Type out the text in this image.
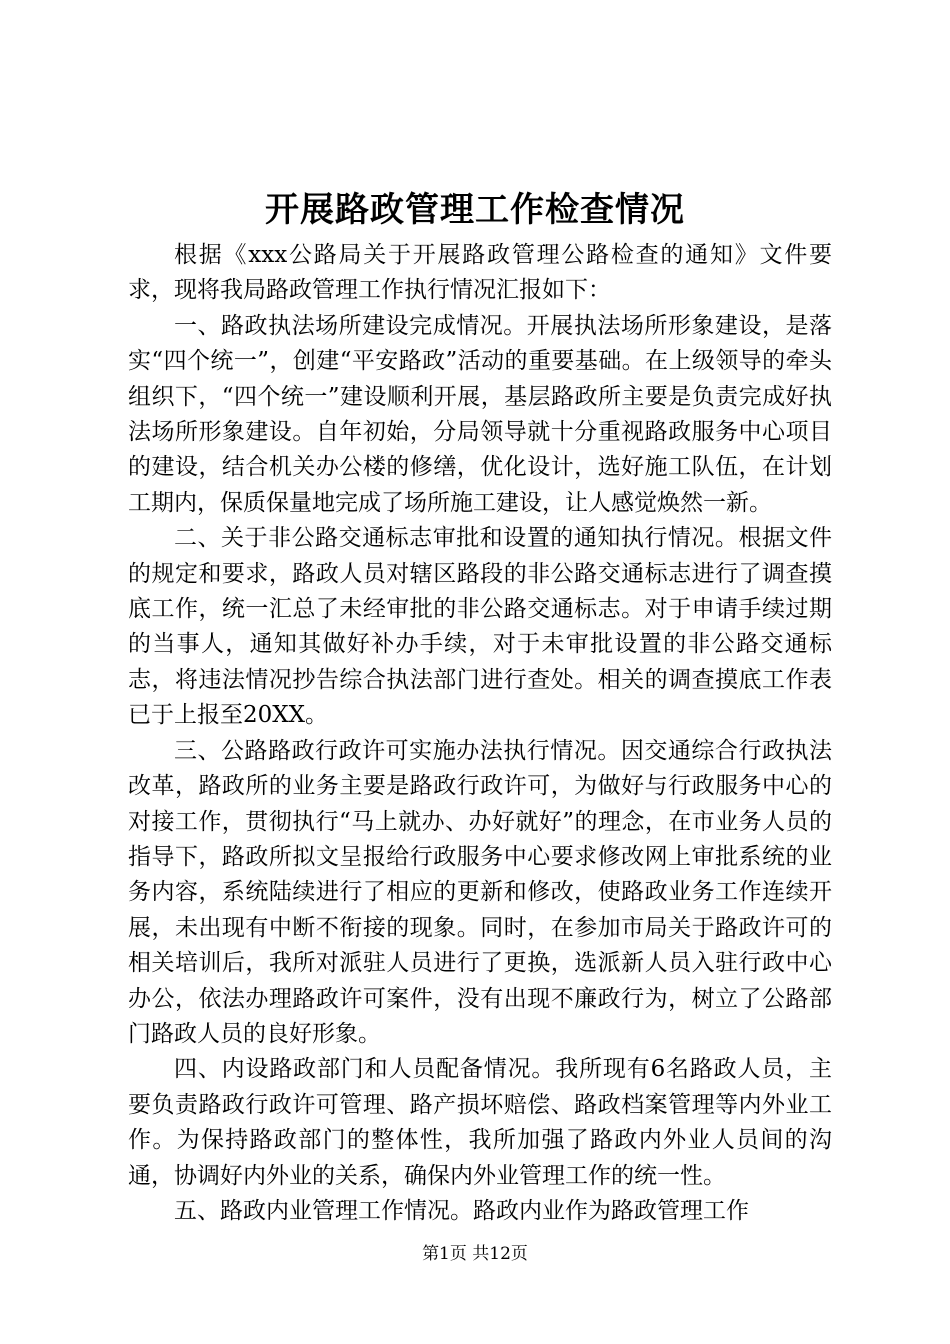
开展路政管理工作检查情况

根据《xxx公路局关于开展路政管理公路检查的通知》文件要求，现将我局路政管理工作执行情况汇报如下：

一、路政执法场所建设完成情况。开展执法场所形象建设，是落实“四个统一”，创建“平安路政”活动的重要基础。在上级领导的牵头组织下，“四个统一”建设顺利开展，基层路政所主要是负责完成好执法场所形象建设。自年初始，分局领导就十分重视路政服务中心项目的建设，结合机关办公楼的修缮，优化设计，选好施工队伍，在计划工期内，保质保量地完成了场所施工建设，让人感觉焕然一新。

二、关于非公路交通标志审批和设置的通知执行情况。根据文件的规定和要求，路政人员对辖区路段的非公路交通标志进行了调查摸底工作，统一汇总了未经审批的非公路交通标志。对于申请手续过期的当事人，通知其做好补办手续，对于未审批设置的非公路交通标志，将违法情况抄告综合执法部门进行查处。相关的调查摸底工作表已于上报至20XX。

三、公路路政行政许可实施办法执行情况。因交通综合行政执法改革，路政所的业务主要是路政行政许可，为做好与行政服务中心的对接工作，贯彻执行“马上就办、办好就好”的理念，在市业务人员的指导下，路政所拟文呈报给行政服务中心要求修改网上审批系统的业务内容，系统陆续进行了相应的更新和修改，使路政业务工作连续开展，未出现有中断不衔接的现象。同时，在参加市局关于路政许可的相关培训后，我所对派驻人员进行了更换，选派新人员入驻行政中心办公，依法办理路政许可案件，没有出现不廉政行为，树立了公路部门路政人员的良好形象。

四、内设路政部门和人员配备情况。我所现有6名路政人员，主要负责路政行政许可管理、路产损坏赔偿、路政档案管理等内外业工作。为保持路政部门的整体性，我所加强了路政内外业人员间的沟通，协调好内外业的关系，确保内外业管理工作的统一性。

五、路政内业管理工作情况。路政内业作为路政管理工作

第1页 共12页
